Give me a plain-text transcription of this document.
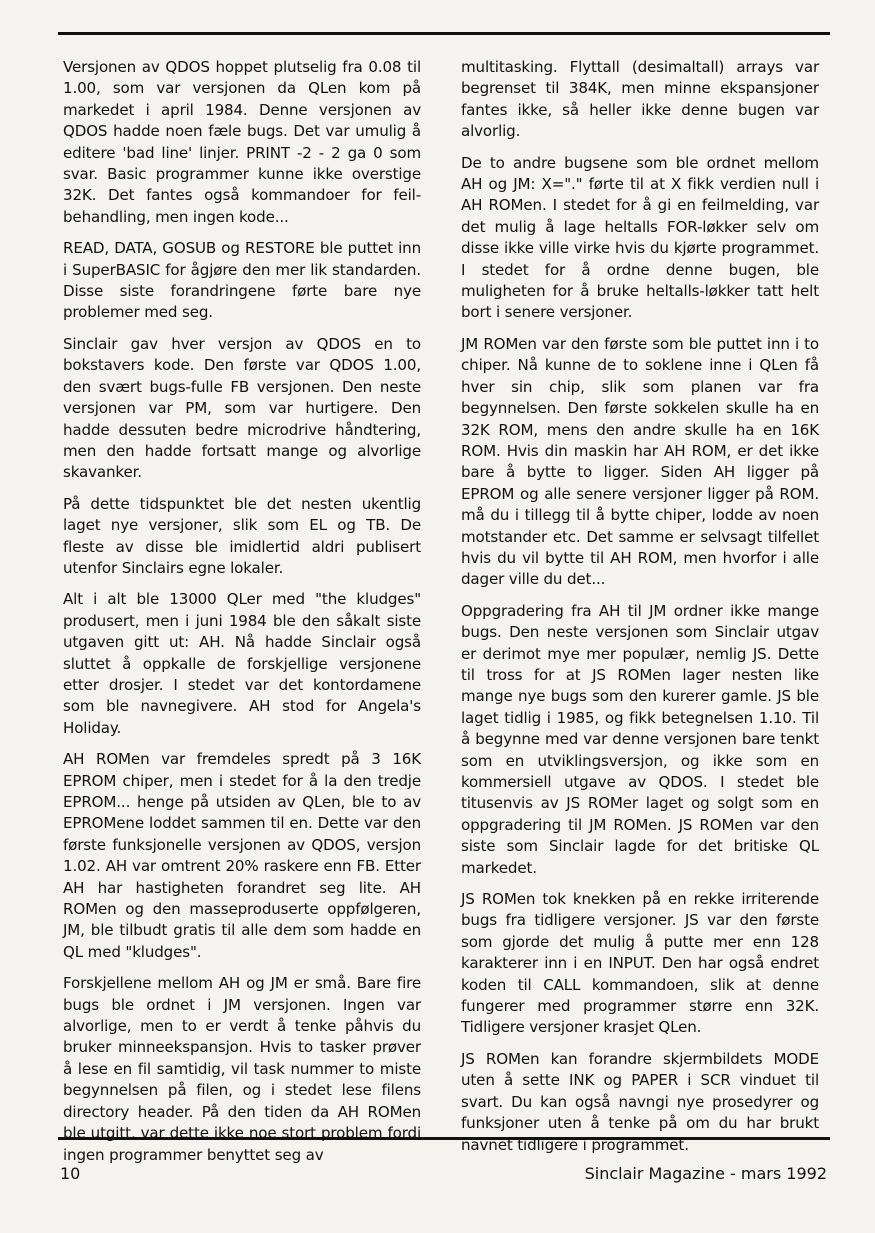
Versjonen av QDOS hoppet plutselig fra 0.08 til 1.00, som var versjonen da QLen kom på markedet i april 1984. Denne versjonen av QDOS hadde noen fæle bugs. Det var umulig å editere 'bad line' linjer. PRINT -2 - 2 ga 0 som svar. Basic programmer kunne ikke overstige 32K. Det fantes også kommandoer for feil-behandling, men ingen kode...

READ, DATA, GOSUB og RESTORE ble puttet inn i SuperBASIC for ågjøre den mer lik standarden. Disse siste forandringene førte bare nye problemer med seg.

Sinclair gav hver versjon av QDOS en to bokstavers kode. Den første var QDOS 1.00, den svært bugs-fulle FB versjonen. Den neste versjonen var PM, som var hurtigere. Den hadde dessuten bedre microdrive håndtering, men den hadde fortsatt mange og alvorlige skavanker.

På dette tidspunktet ble det nesten ukentlig laget nye versjoner, slik som EL og TB. De fleste av disse ble imidlertid aldri publisert utenfor Sinclairs egne lokaler.

Alt i alt ble 13000 QLer med "the kludges" produsert, men i juni 1984 ble den såkalt siste utgaven gitt ut: AH. Nå hadde Sinclair også sluttet å oppkalle de forskjellige versjonene etter drosjer. I stedet var det kontordamene som ble navnegivere. AH stod for Angela's Holiday.

AH ROMen var fremdeles spredt på 3 16K EPROM chiper, men i stedet for å la den tredje EPROM... henge på utsiden av QLen, ble to av EPROMene loddet sammen til en. Dette var den første funksjonelle versjonen av QDOS, versjon 1.02. AH var omtrent 20% raskere enn FB. Etter AH har hastigheten forandret seg lite. AH ROMen og den masseproduserte oppfølgeren, JM, ble tilbudt gratis til alle dem som hadde en QL med "kludges".

Forskjellene mellom AH og JM er små. Bare fire bugs ble ordnet i JM versjonen. Ingen var alvorlige, men to er verdt å tenke påhvis du bruker minneekspansjon. Hvis to tasker prøver å lese en fil samtidig, vil task nummer to miste begynnelsen på filen, og i stedet lese filens directory header. På den tiden da AH ROMen ble utgitt, var dette ikke noe stort problem fordi ingen programmer benyttet seg av

multitasking. Flyttall (desimaltall) arrays var begrenset til 384K, men minne ekspansjoner fantes ikke, så heller ikke denne bugen var alvorlig.

De to andre bugsene som ble ordnet mellom AH og JM: X="." førte til at X fikk verdien null i AH ROMen. I stedet for å gi en feilmelding, var det mulig å lage heltalls FOR-løkker selv om disse ikke ville virke hvis du kjørte programmet. I stedet for å ordne denne bugen, ble muligheten for å bruke heltalls-løkker tatt helt bort i senere versjoner.

JM ROMen var den første som ble puttet inn i to chiper. Nå kunne de to soklene inne i QLen få hver sin chip, slik som planen var fra begynnelsen. Den første sokkelen skulle ha en 32K ROM, mens den andre skulle ha en 16K ROM. Hvis din maskin har AH ROM, er det ikke bare å bytte to ligger. Siden AH ligger på EPROM og alle senere versjoner ligger på ROM. må du i tillegg til å bytte chiper, lodde av noen motstander etc. Det samme er selvsagt tilfellet hvis du vil bytte til AH ROM, men hvorfor i alle dager ville du det...

Oppgradering fra AH til JM ordner ikke mange bugs. Den neste versjonen som Sinclair utgav er derimot mye mer populær, nemlig JS. Dette til tross for at JS ROMen lager nesten like mange nye bugs som den kurerer gamle. JS ble laget tidlig i 1985, og fikk betegnelsen 1.10. Til å begynne med var denne versjonen bare tenkt som en utviklingsversjon, og ikke som en kommersiell utgave av QDOS. I stedet ble titusenvis av JS ROMer laget og solgt som en oppgradering til JM ROMen. JS ROMen var den siste som Sinclair lagde for det britiske QL markedet.

JS ROMen tok knekken på en rekke irriterende bugs fra tidligere versjoner. JS var den første som gjorde det mulig å putte mer enn 128 karakterer inn i en INPUT. Den har også endret koden til CALL kommandoen, slik at denne fungerer med programmer større enn 32K. Tidligere versjoner krasjet QLen.

JS ROMen kan forandre skjermbildets MODE uten å sette INK og PAPER i SCR vinduet til svart. Du kan også navngi nye prosedyrer og funksjoner uten å tenke på om du har brukt navnet tidligere i programmet.

10	Sinclair Magazine - mars 1992
